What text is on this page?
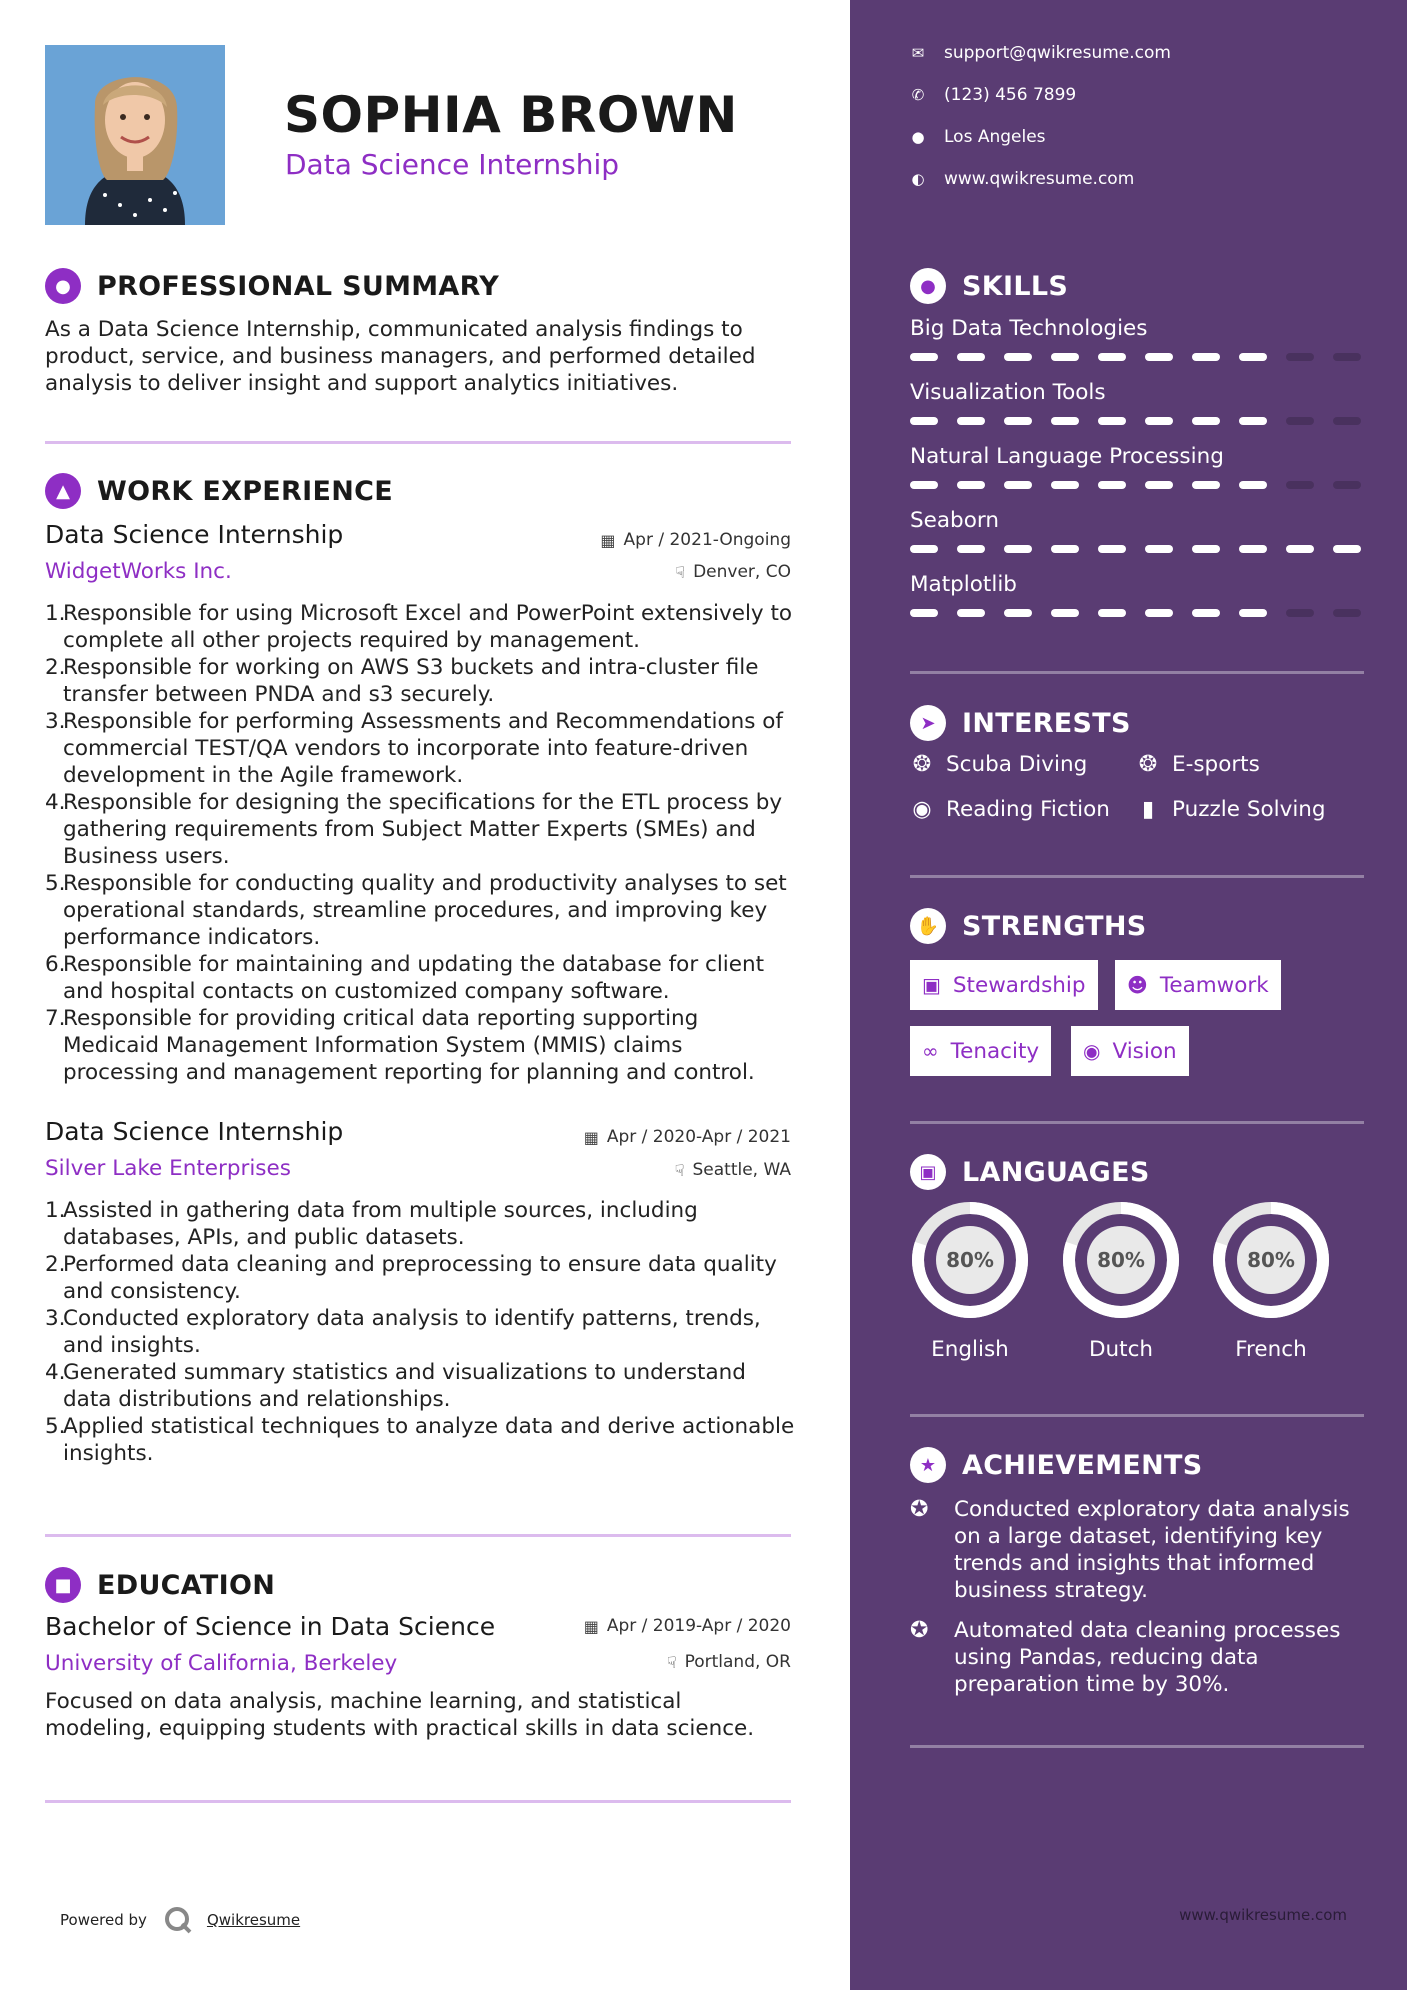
SOPHIA BROWN
Data Science Internship
● PROFESSIONAL SUMMARY
As a Data Science Internship, communicated analysis findings to product, service, and business managers, and performed detailed analysis to deliver insight and support analytics initiatives.
▲	WORK EXPERIENCE
Data Science Internship	▦ Apr / 2021-Ongoing
WidgetWorks Inc.	☟ Denver, CO
1.
Responsible for using Microsoft Excel and PowerPoint extensively to complete all other projects required by management.
2.
Responsible for working on AWS S3 buckets and intra-cluster file transfer between PNDA and s3 securely.
3.
Responsible for performing Assessments and Recommendations of commercial TEST/QA vendors to incorporate into feature-driven development in the Agile framework.
4.
Responsible for designing the specifications for the ETL process by gathering requirements from Subject Matter Experts (SMEs) and Business users.
5.
Responsible for conducting quality and productivity analyses to set operational standards, streamline procedures, and improving key performance indicators.
6.
Responsible for maintaining and updating the database for client and hospital contacts on customized company software.
7.
Responsible for providing critical data reporting supporting Medicaid Management Information System (MMIS) claims processing and management reporting for planning and control.
Data Science Internship	▦ Apr / 2020-Apr / 2021
Silver Lake Enterprises	☟ Seattle, WA
1.
Assisted in gathering data from multiple sources, including databases, APIs, and public datasets.
2.
Performed data cleaning and preprocessing to ensure data quality and consistency.
3.
Conducted exploratory data analysis to identify patterns, trends, and insights.
4.
Generated summary statistics and visualizations to understand data distributions and relationships.
5.
Applied statistical techniques to analyze data and derive actionable insights.
■ EDUCATION
Bachelor of Science in Data Science	▦ Apr / 2019-Apr / 2020
University of California, Berkeley	☟ Portland, OR
Focused on data analysis, machine learning, and statistical modeling, equipping students with practical skills in data science.
Powered by	Qwikresume
✉ support@qwikresume.com
✆ (123) 456 7899
● Los Angeles
◐ www.qwikresume.com
● SKILLS
Big Data Technologies
Visualization Tools
Natural Language Processing
Seaborn
Matplotlib
➤ INTERESTS
❂ Scuba Diving ❂ E-sports
◉ Reading Fiction ▮ Puzzle Solving
✋ STRENGTHS
▣ Stewardship ☻ Teamwork
∞ Tenacity ◉ Vision
▣ LANGUAGES
80%
English
80%
Dutch
80%
French
★ ACHIEVEMENTS
✪	Conducted exploratory data analysis on a large dataset, identifying key trends and insights that informed business strategy.
✪	Automated data cleaning processes using Pandas, reducing data preparation time by 30%.
www.qwikresume.com
